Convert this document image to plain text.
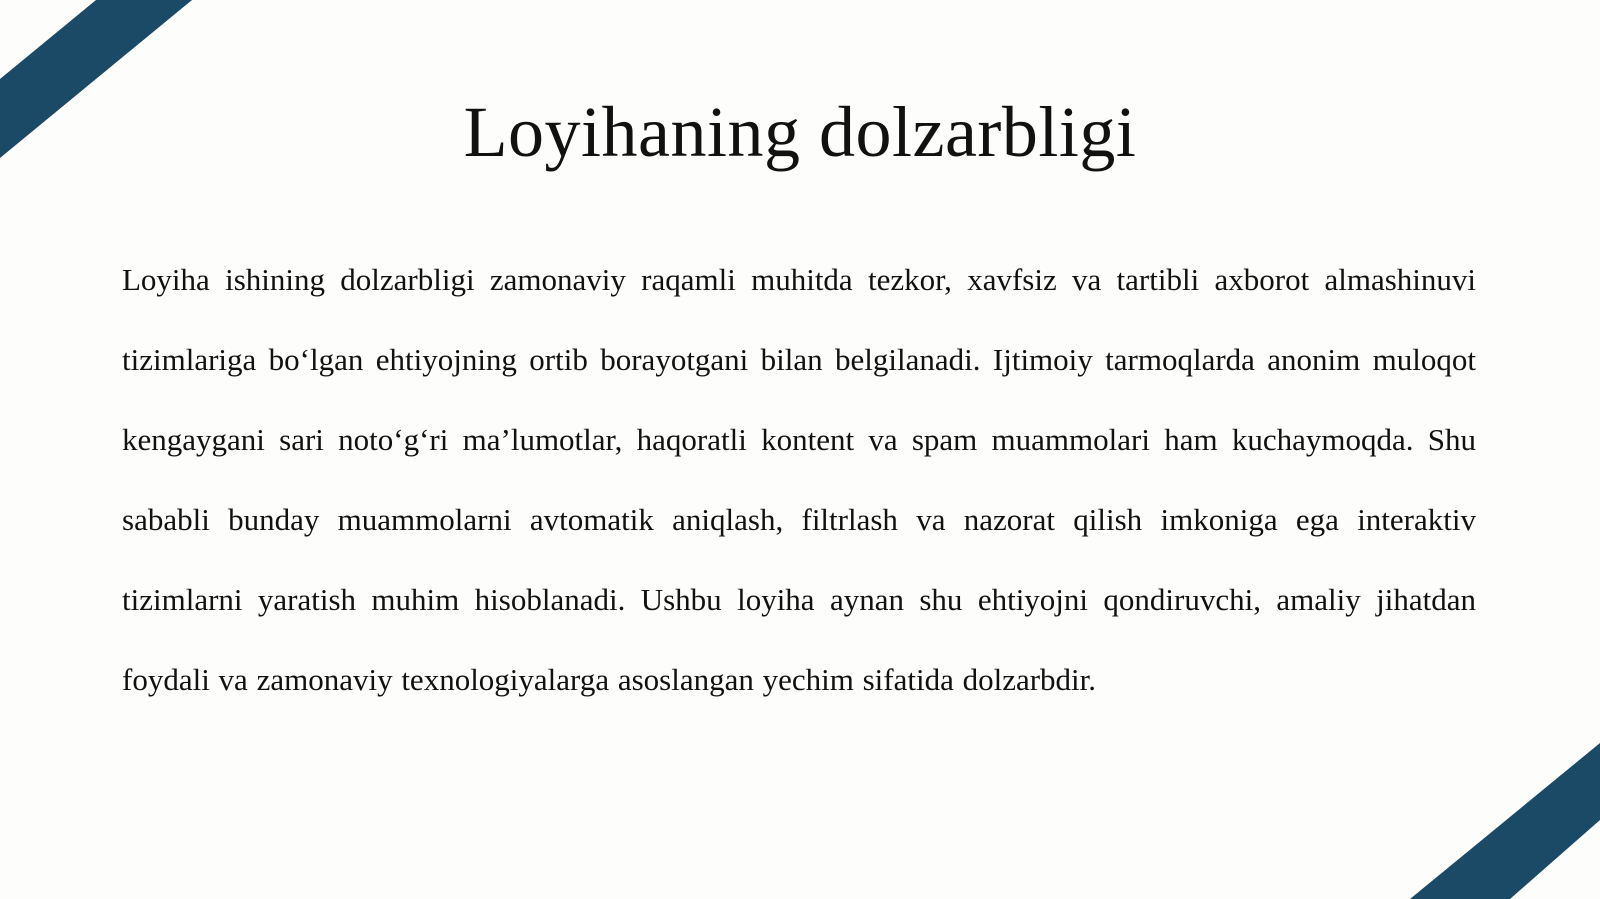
Loyihaning dolzarbligi

Loyiha ishining dolzarbligi zamonaviy raqamli muhitda tezkor, xavfsiz va tartibli axborot almashinuvi tizimlariga bo‘lgan ehtiyojning ortib borayotgani bilan belgilanadi. Ijtimoiy tarmoqlarda anonim muloqot kengaygani sari noto‘g‘ri ma’lumotlar, haqoratli kontent va spam muammolari ham kuchaymoqda. Shu sababli bunday muammolarni avtomatik aniqlash, filtrlash va nazorat qilish imkoniga ega interaktiv tizimlarni yaratish muhim hisoblanadi. Ushbu loyiha aynan shu ehtiyojni qondiruvchi, amaliy jihatdan foydali va zamonaviy texnologiyalarga asoslangan yechim sifatida dolzarbdir.
